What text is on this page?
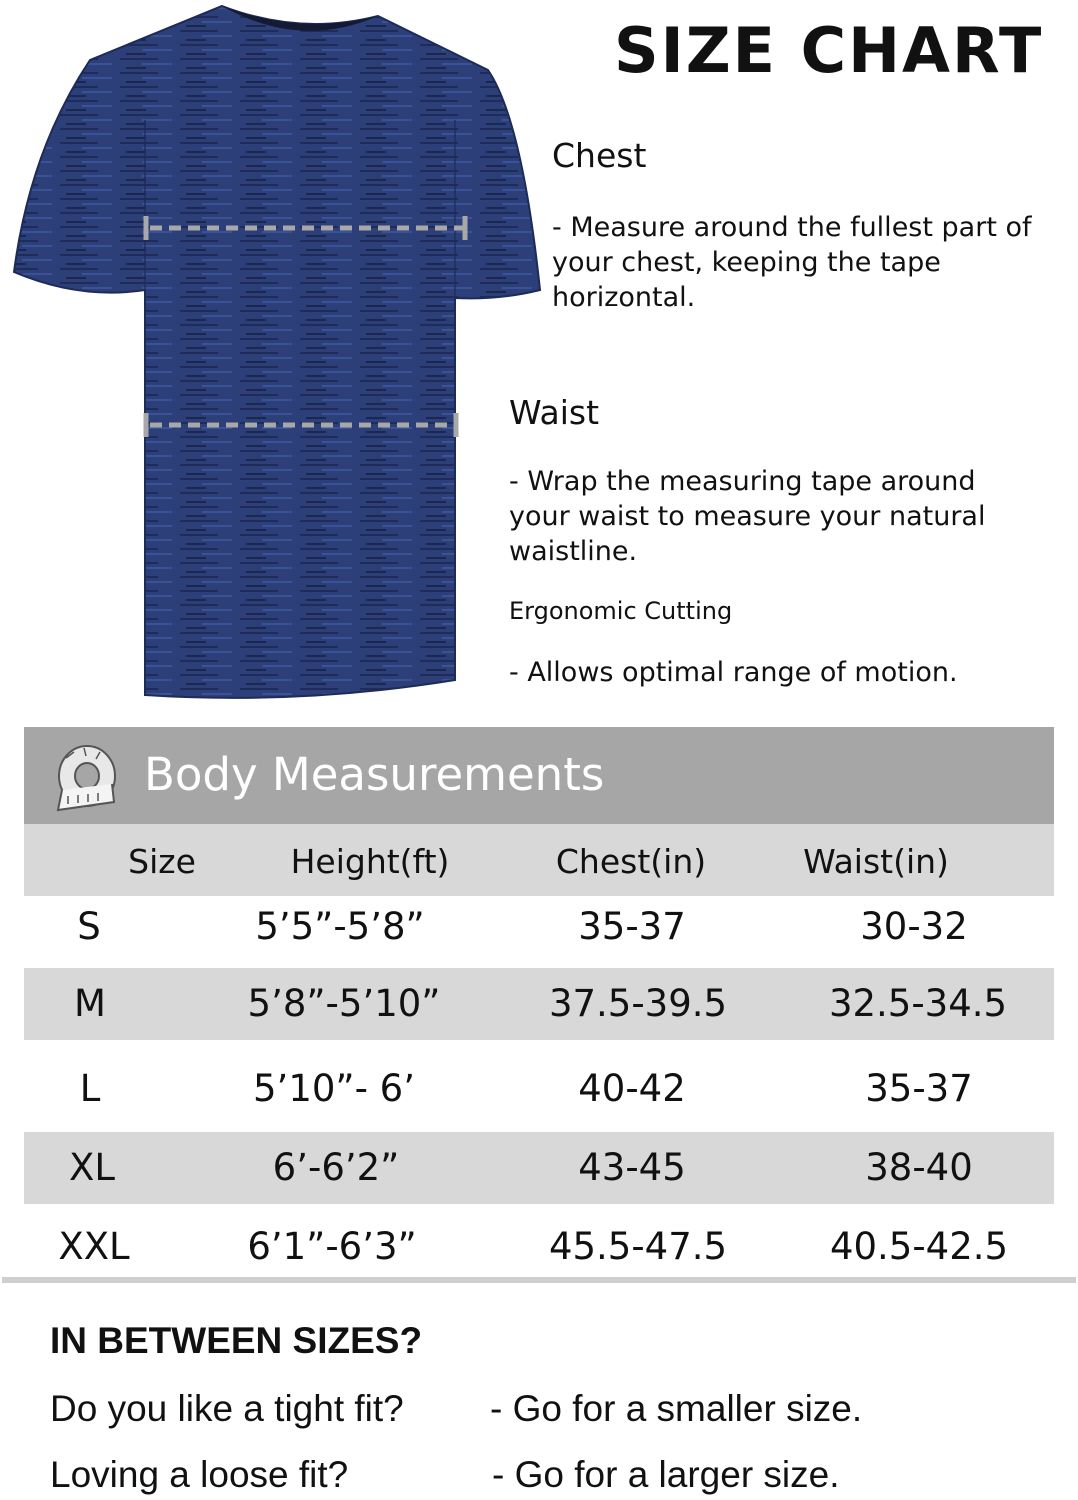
SIZE CHART
Chest
- Measure around the fullest part of your chest, keeping the tape horizontal.
Waist
- Wrap the measuring tape around your waist to measure your natural waistline.
Ergonomic Cutting
- Allows optimal range of motion.
Body Measurements
Size	Height(ft)	Chest(in)	Waist(in)
S	5’5”-5’8”	35-37	30-32
M	5’8”-5’10”	37.5-39.5	32.5-34.5
L	5’10”- 6’	40-42	35-37
XL	6’-6’2”	43-45	38-40
XXL	6’1”-6’3”	45.5-47.5	40.5-42.5
IN BETWEEN SIZES?
Do you like a tight fit? - Go for a smaller size.
Loving a loose fit?	- Go for a larger size.
